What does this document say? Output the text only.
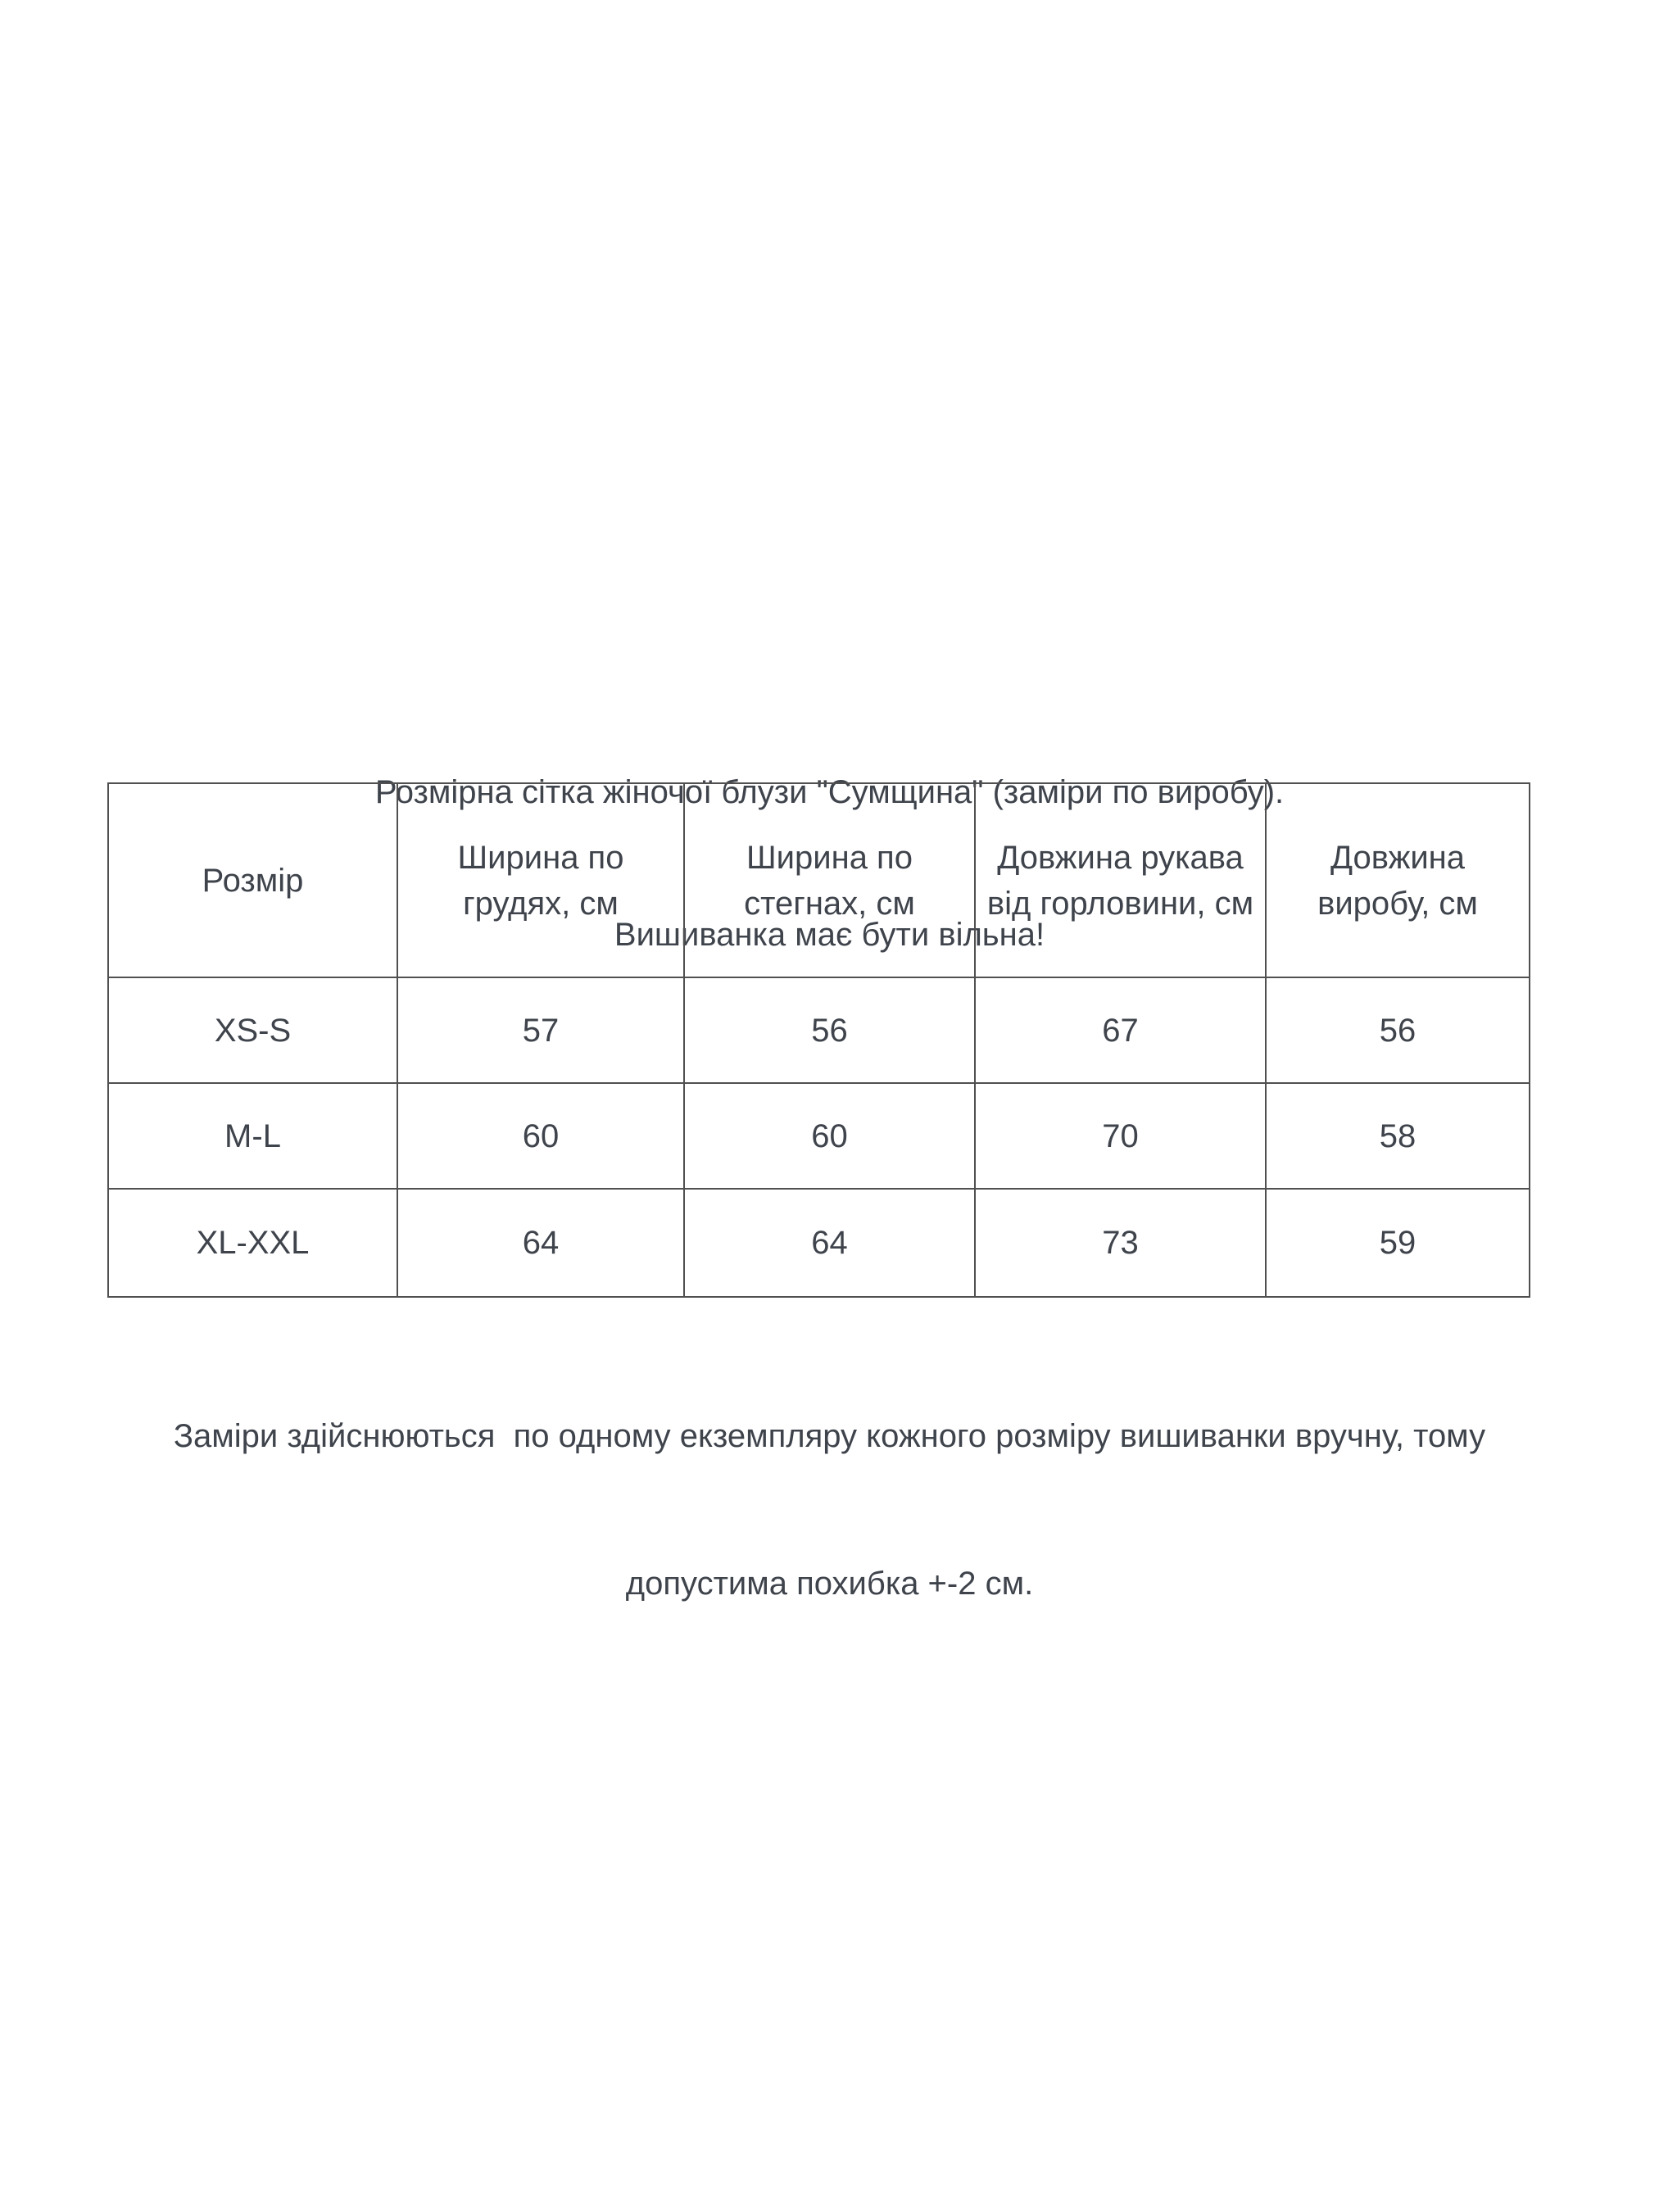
Розмірна сітка жіночої блузи "Сумщина" (заміри по виробу).

Вишиванка має бути вільна!

Розмір	Ширина по грудях, см	Ширина по стегнах, см	Довжина рукава від горловини, см	Довжина виробу, см
XS-S	57	56	67	56
M-L	60	60	70	58
XL-XXL	64	64	73	59

Заміри здійснюються  по одному екземпляру кожного розміру вишиванки вручну, тому

допустима похибка +-2 см.
